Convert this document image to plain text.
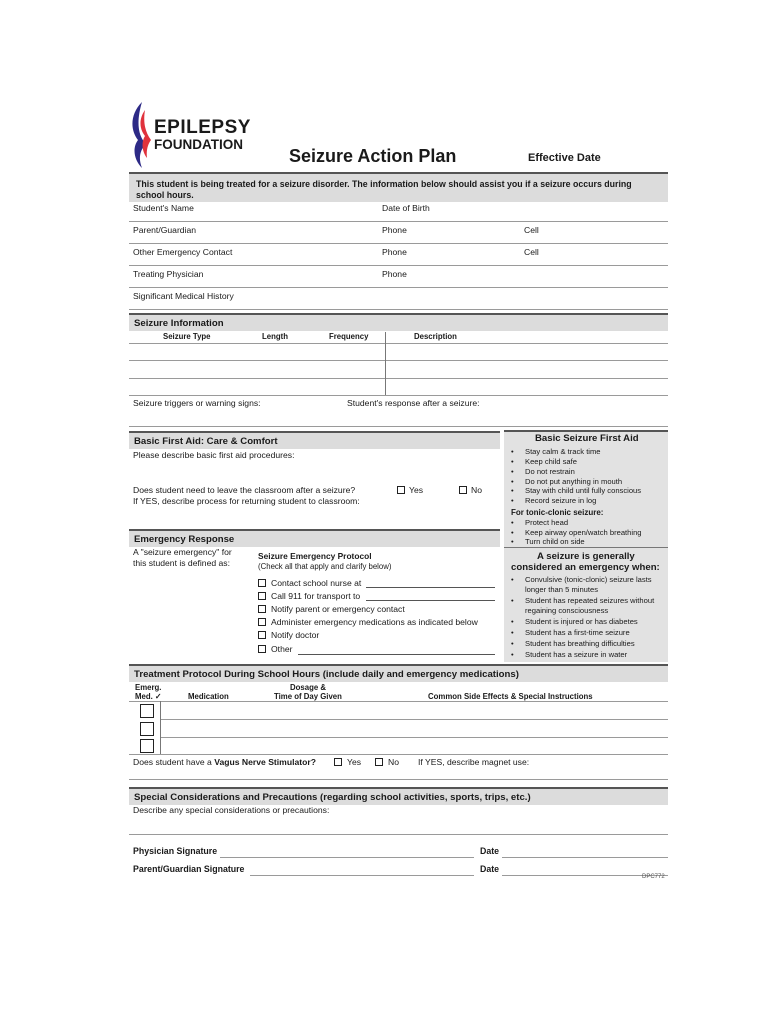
EPILEPSY
FOUNDATION
Seizure Action Plan	Effective Date
This student is being treated for a seizure disorder. The information below should assist you if a seizure occurs during
school hours.
Student's Name	Date of Birth
Parent/Guardian	Phone	Cell
Other Emergency Contact	Phone	Cell
Treating Physician	Phone
Significant Medical History
Seizure Information
Seizure Type	Length	Frequency	Description
Seizure triggers or warning signs:	Student's response after a seizure:
Basic First Aid: Care & Comfort
Please describe basic first aid procedures:
Does student need to leave the classroom after a seizure?	Yes	No
If YES, describe process for returning student to classroom:
Basic Seizure First Aid
• Stay calm & track time
• Keep child safe
• Do not restrain
• Do not put anything in mouth
• Stay with child until fully conscious
• Record seizure in log
For tonic-clonic seizure:
• Protect head
• Keep airway open/watch breathing
• Turn child on side
A seizure is generally
considered an emergency when:
• Convulsive (tonic-clonic) seizure lasts
longer than 5 minutes
• Student has repeated seizures without
regaining consciousness
• Student is injured or has diabetes
• Student has a first-time seizure
• Student has breathing difficulties
• Student has a seizure in water
Emergency Response
A "seizure emergency" for
this student is defined as:
Seizure Emergency Protocol
(Check all that apply and clarify below)
Contact school nurse at
Call 911 for transport to
Notify parent or emergency contact
Administer emergency medications as indicated below
Notify doctor
Other
Treatment Protocol During School Hours (include daily and emergency medications)
Emerg.
Med. ✓	Medication
Dosage &
Time of Day Given	Common Side Effects & Special Instructions
Does student have a Vagus Nerve Stimulator?	Yes	No If YES, describe magnet use:
Special Considerations and Precautions (regarding school activities, sports, trips, etc.)
Describe any special considerations or precautions:
Physician Signature	Date
Parent/Guardian Signature	Date
DPC772
